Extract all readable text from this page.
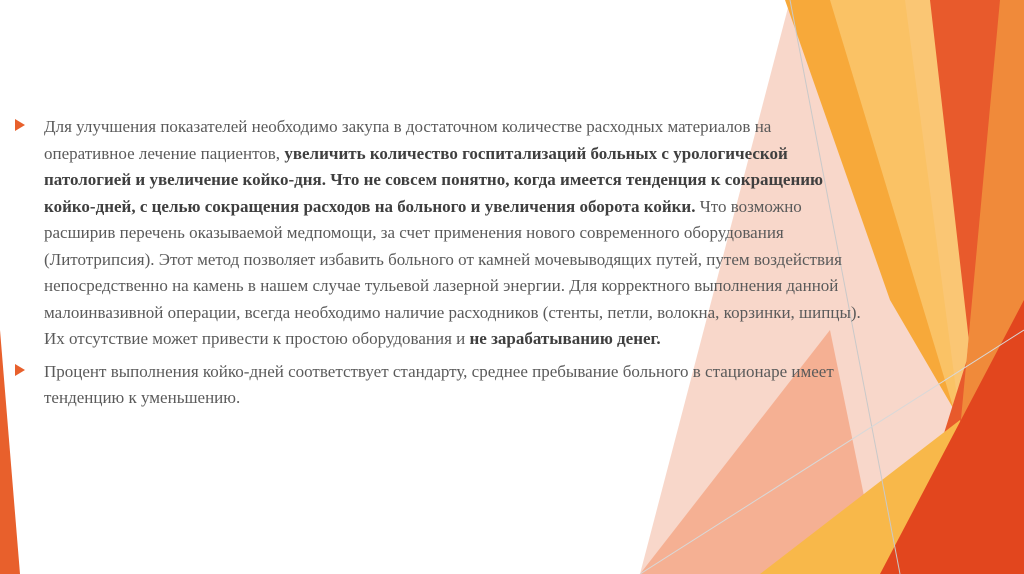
Для улучшения показателей необходимо закупа в достаточном количестве расходных материалов на оперативное лечение пациентов, увеличить количество госпитализаций больных с урологической патологией и увеличение койко-дня. Что не совсем понятно, когда имеется тенденция к сокращению койко-дней, с целью сокращения расходов на больного и увеличения оборота койки. Что возможно расширив перечень оказываемой медпомощи, за счет применения нового современного оборудования (Литотрипсия). Этот метод позволяет избавить больного от камней мочевыводящих путей, путем воздействия непосредственно на камень в нашем случае тульевой лазерной энергии. Для корректного выполнения данной малоинвазивной операции, всегда необходимо наличие расходников (стенты, петли, волокна, корзинки, шипцы). Их отсутствие может привести к простою оборудования и не зарабатыванию денег.
Процент выполнения койко-дней соответствует стандарту, среднее пребывание больного в стационаре имеет тенденцию к уменьшению.
